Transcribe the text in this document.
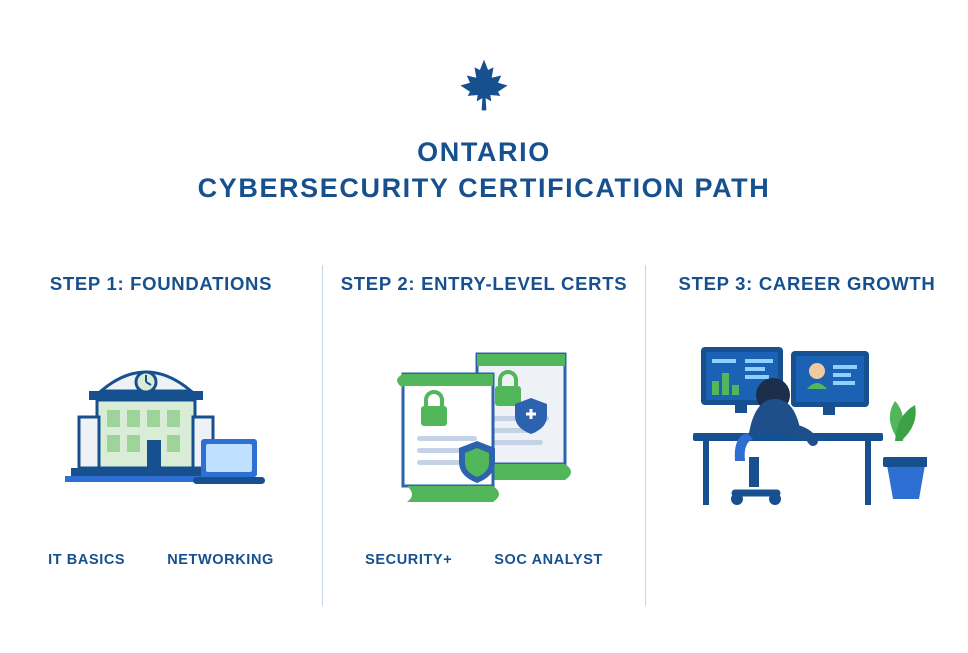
ONTARIO
CYBERSECURITY CERTIFICATION PATH
STEP 1: FOUNDATIONS
IT BASICS	NETWORKING
STEP 2: ENTRY-LEVEL CERTS
SECURITY+	SOC ANALYST
STEP 3: CAREER GROWTH
